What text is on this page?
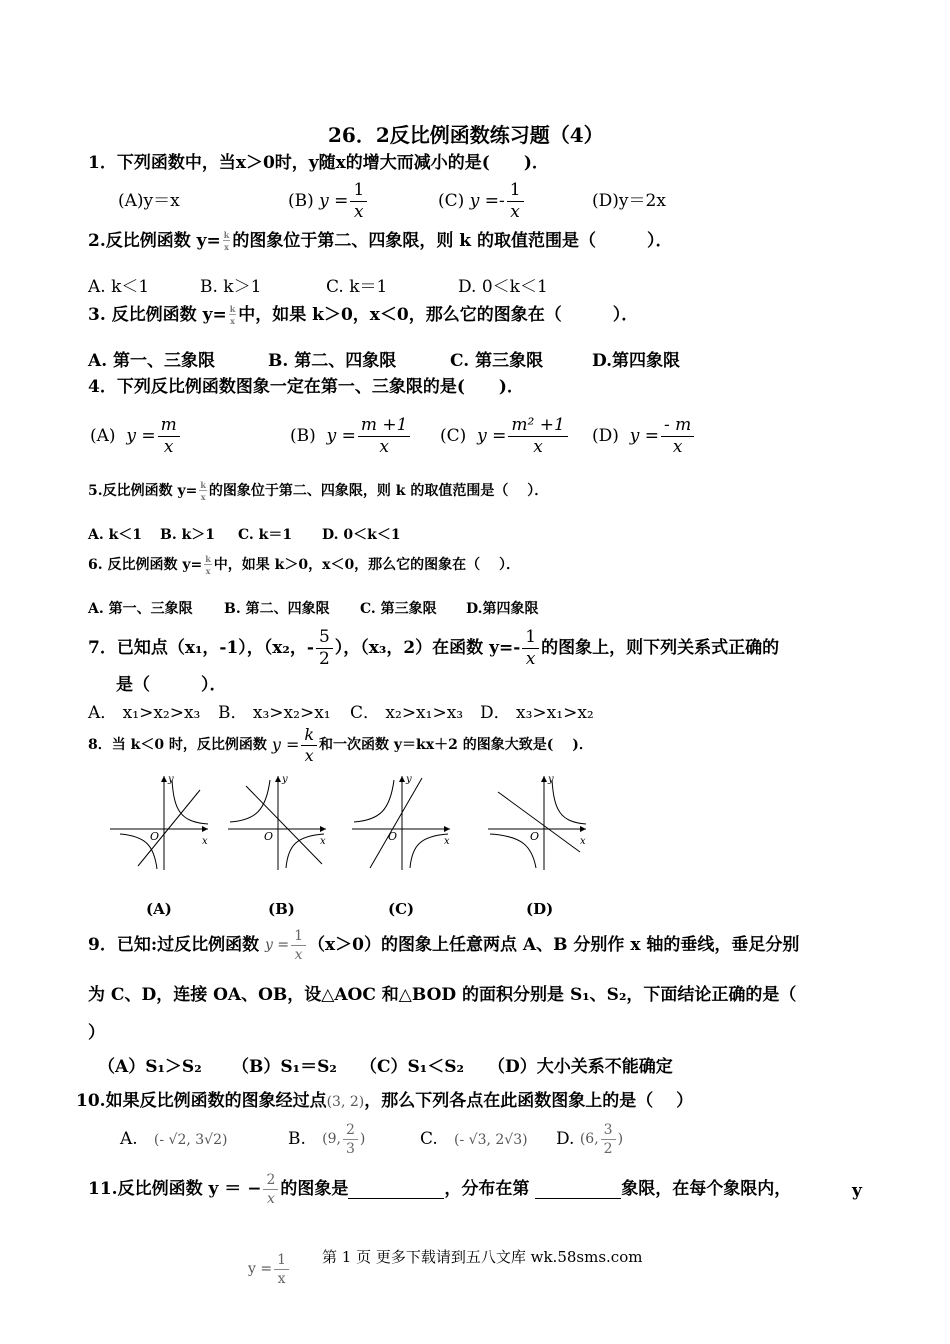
26．2反比例函数练习题（4）
1．下列函数中，当x＞0时，y随x的增大而减小的是(　　)．
(A)y＝x	(B)
$y = \frac{1}{x}$	(C)
$y =- \frac{1}{x}$	(D)y＝2x
2.反比例函数 $y= \frac{k}{x}$ 的图象位于第二、四象限，则 k 的取值范围是（　　　）．
A. k＜1	B. k＞1	C. k＝1	D. 0＜k＜1
3. 反比例函数 $y= \frac{k}{x}$ 中，如果 k＞0，x＜0，那么它的图象在（　　　）．
A. 第一、三象限	B. 第二、四象限	C. 第三象限	D.第四象限
4．下列反比例函数图象一定在第一、三象限的是(　　)．
(A)
$y = \frac{m}{x}$	(B)
$y = \frac{m +1}{x} (C)$
$y = \frac{\text{m² +1}}{x} (D)$
$y = \frac{- m}{x}$
5.反比例函数 $y= \frac{k}{x}$ 的图象位于第二、四象限，则 k 的取值范围是（　 ）．
A. k＜1 B. k＞1 C. k＝1 D. 0＜k＜1
6. 反比例函数 $y= \frac{k}{x}$ 中，如果 k＞0，x＜0，那么它的图象在（　 ）．
A. 第一、三象限 B. 第二、四象限 C. 第三象限 D.第四象限
7．已知点（x₁，-1），（x₂，- $\frac{5}{2}$ ），（x₃，2）在函数 $y=- \frac{1}{x}$ 的图象上，则下列关系式正确的
是（　　　）．
A． x₁>x₂>x₃ B． x₃>x₂>x₁ C． x₂>x₁>x₃ D． x₃>x₁>x₂
8．当 k＜0 时，反比例函数
$y = \frac{k}{x}$ 和一次函数 y＝kx＋2 的图象大致是(　 )．
y
x
O
y
x
O
y
x
O
y
x
O
(A)	(B)	(C)	(D)
9．已知:过反比例函数
$y = \frac{1}{x} (x>0)$的图象上任意两点 A、B 分别作 x 轴的垂线，垂足分别
为 C、D，连接 OA、OB，设△AOC 和△BOD 的面积分别是 S₁、S₂，下面结论正确的是（
）
（A）S₁＞S₂ （B）S₁＝S₂ （C）S₁＜S₂ （D）大小关系不能确定
10.如果反比例函数的图象经过点(3, 2)，那么下列各点在此函数图象上的是（　 ）
A. (- √2, 3√2)	B.
(9, $\frac{2}{3}$ )	C. (- √3, 2√3) D.
(6, $\frac{3}{2}$ )
11.反比例函数 y ＝ − $\frac{2}{x}$ 的图象是	，分布在第
	象限，在每个象限内，	y
$y = \frac{1}{x}$ 第 1 页 更多下载请到五八文库 wk.58sms.com
